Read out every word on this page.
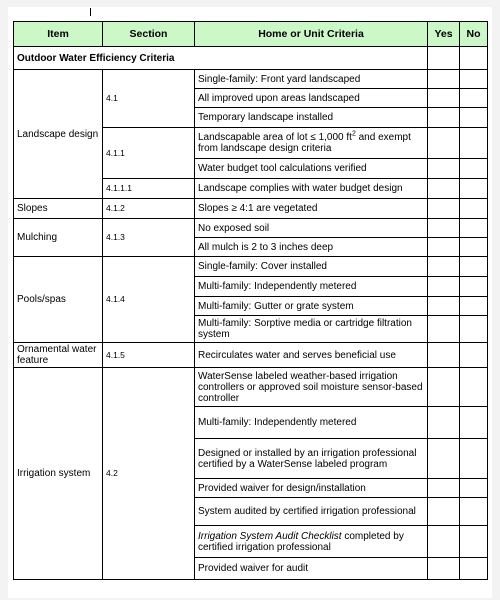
Item	Section	Home or Unit Criteria	Yes	No
Outdoor Water Efficiency Criteria				
Landscape design	4.1	Single-family: Front yard landscaped		
		All improved upon areas landscaped		
		Temporary landscape installed		
	4.1.1	Landscapable area of lot ≤ 1,000 $ft^2$ and exempt from landscape design criteria		
		Water budget tool calculations verified		
	4.1.1.1	Landscape complies with water budget design		
Slopes	4.1.2	Slopes ≥ 4:1 are vegetated		
Mulching	4.1.3	No exposed soil		
		All mulch is 2 to 3 inches deep		
Pools/spas	4.1.4	Single-family: Cover installed		
		Multi-family: Independently metered		
		Multi-family: Gutter or grate system		
		Multi-family: Sorptive media or cartridge filtration system		
Ornamental water feature	4.1.5	Recirculates water and serves beneficial use		
Irrigation system	4.2	WaterSense labeled weather-based irrigation controllers or approved soil moisture sensor-based controller		
		Multi-family: Independently metered		
		Designed or installed by an irrigation professional certified by a WaterSense labeled program		
		Provided waiver for design/installation		
		System audited by certified irrigation professional		
		Irrigation System Audit Checklist completed by certified irrigation professional		
		Provided waiver for audit		
